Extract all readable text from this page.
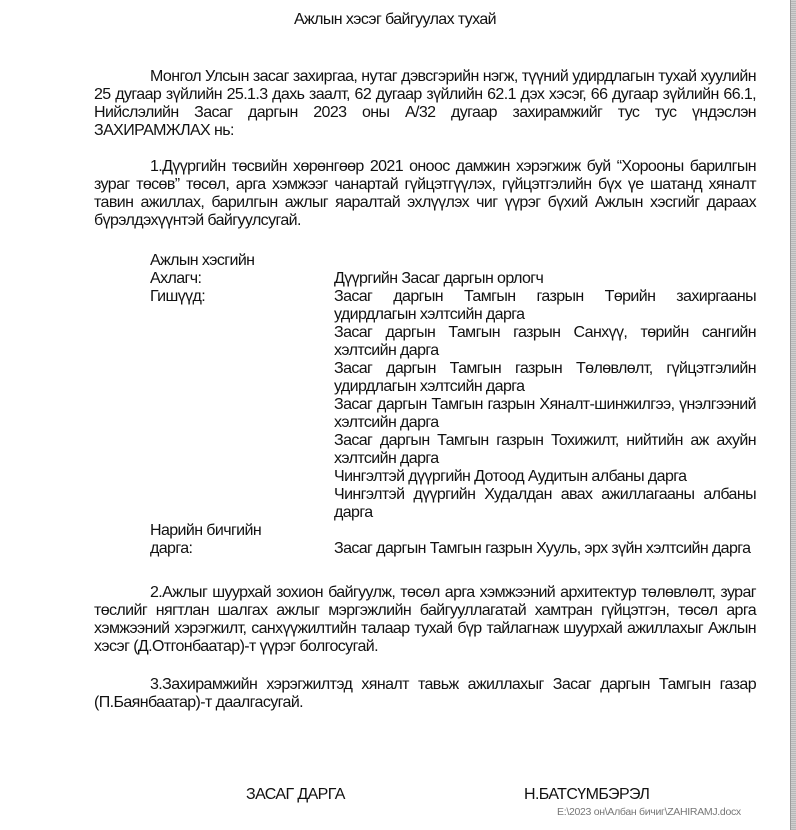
Ажлын хэсэг байгуулах тухай
Монгол Улсын засаг захиргаа, нутаг дэвсгэрийн нэгж, түүний удирдлагын тухай хуулийн 25 дугаар зүйлийн 25.1.3 дахь заалт, 62 дугаар зүйлийн 62.1 дэх хэсэг, 66 дугаар зүйлийн 66.1, Нийслэлийн Засаг даргын 2023 оны А/32 дугаар захирамжийг тус тус үндэслэн ЗАХИРАМЖЛАХ нь:
1.Дүүргийн төсвийн хөрөнгөөр 2021 оноос дамжин хэрэгжиж буй “Хорооны барилгын зураг төсөв” төсөл, арга хэмжээг чанартай гүйцэтгүүлэх, гүйцэтгэлийн бүх үе шатанд хяналт тавин ажиллах, барилгын ажлыг яаралтай эхлүүлэх чиг үүрэг бүхий Ажлын хэсгийг дараах бүрэлдэхүүнтэй байгуулсугай.
Ажлын хэсгийн
Ахлагч:	Дүүргийн Засаг даргын орлогч
Гишүүд:	Засаг даргын Тамгын газрын Төрийн захиргааны удирдлагын хэлтсийн дарга
Засаг даргын Тамгын газрын Санхүү, төрийн сангийн хэлтсийн дарга
Засаг даргын Тамгын газрын Төлөвлөлт, гүйцэтгэлийн удирдлагын хэлтсийн дарга
Засаг даргын Тамгын газрын Хяналт-шинжилгээ, үнэлгээний хэлтсийн дарга
Засаг даргын Тамгын газрын Тохижилт, нийтийн аж ахуйн хэлтсийн дарга
Чингэлтэй дүүргийн Дотоод Аудитын албаны дарга
Чингэлтэй дүүргийн Худалдан авах ажиллагааны албаны дарга
Нарийн бичгийн
дарга:	Засаг даргын Тамгын газрын Хууль, эрх зүйн хэлтсийн дарга
2.Ажлыг шуурхай зохион байгуулж, төсөл арга хэмжээний архитектур төлөвлөлт, зураг төслийг нягтлан шалгах ажлыг мэргэжлийн байгууллагатай хамтран гүйцэтгэн, төсөл арга хэмжээний хэрэгжилт, санхүүжилтийн талаар тухай бүр тайлагнаж шуурхай ажиллахыг Ажлын хэсэг (Д.Отгонбаатар)-т үүрэг болгосугай.
3.Захирамжийн хэрэгжилтэд хяналт тавьж ажиллахыг Засаг даргын Тамгын газар (П.Баянбаатар)-т даалгасугай.
ЗАСАГ ДАРГА	Н.БАТСҮМБЭРЭЛ
E:\2023 он\Албан бичиг\ZAHIRAMJ.docx
